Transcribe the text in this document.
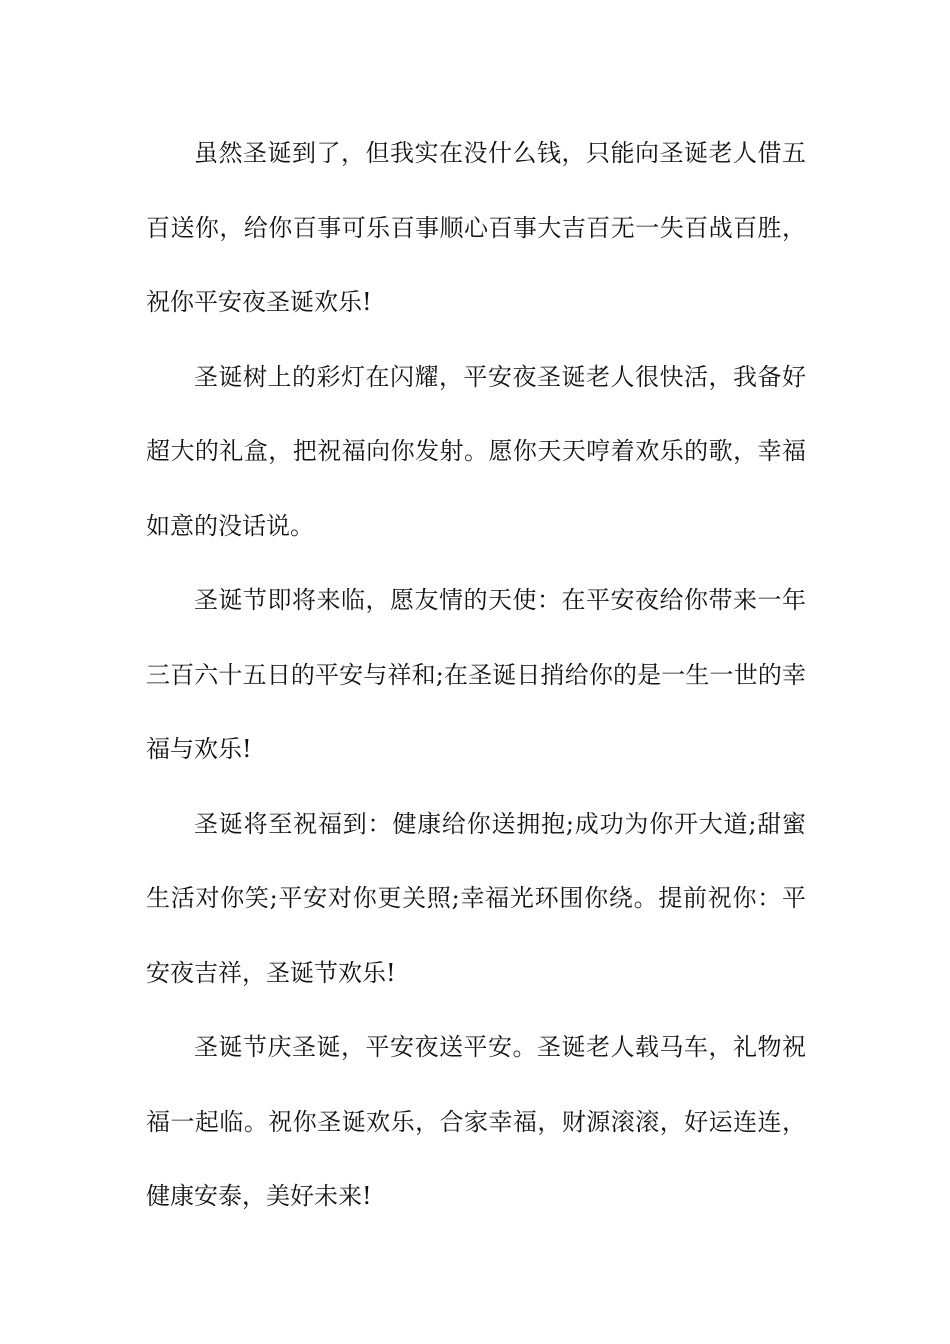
虽然圣诞到了，但我实在没什么钱，只能向圣诞老人借五百送你，给你百事可乐百事顺心百事大吉百无一失百战百胜，祝你平安夜圣诞欢乐!

圣诞树上的彩灯在闪耀，平安夜圣诞老人很快活，我备好超大的礼盒，把祝福向你发射。愿你天天哼着欢乐的歌，幸福如意的没话说。

圣诞节即将来临，愿友情的天使：在平安夜给你带来一年三百六十五日的平安与祥和;在圣诞日捎给你的是一生一世的幸福与欢乐!

圣诞将至祝福到：健康给你送拥抱;成功为你开大道;甜蜜生活对你笑;平安对你更关照;幸福光环围你绕。提前祝你：平安夜吉祥，圣诞节欢乐!

圣诞节庆圣诞，平安夜送平安。圣诞老人载马车，礼物祝福一起临。祝你圣诞欢乐，合家幸福，财源滚滚，好运连连，健康安泰，美好未来!
